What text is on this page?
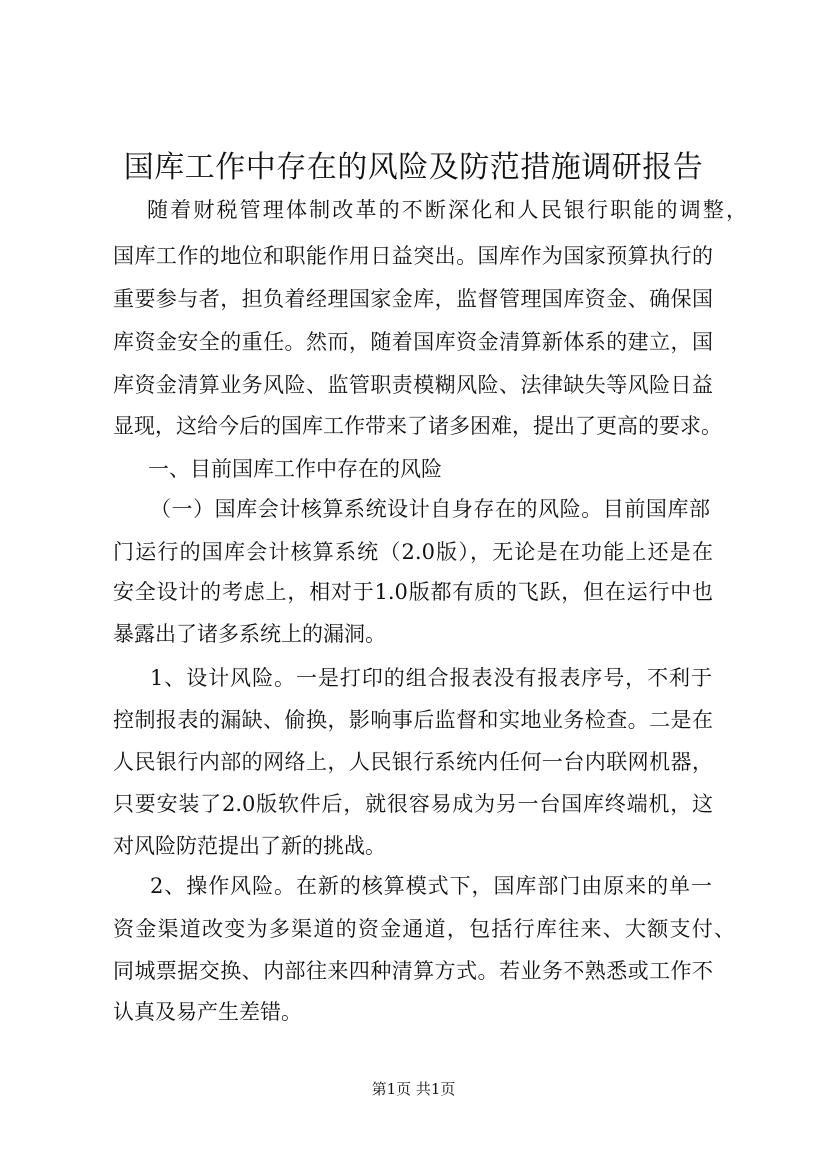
国库工作中存在的风险及防范措施调研报告

随着财税管理体制改革的不断深化和人民银行职能的调整，

国库工作的地位和职能作用日益突出。国库作为国家预算执行的

重要参与者，担负着经理国家金库，监督管理国库资金、确保国

库资金安全的重任。然而，随着国库资金清算新体系的建立，国

库资金清算业务风险、监管职责模糊风险、法律缺失等风险日益

显现，这给今后的国库工作带来了诸多困难，提出了更高的要求。

一、目前国库工作中存在的风险

（一）国库会计核算系统设计自身存在的风险。目前国库部

门运行的国库会计核算系统（2.0版），无论是在功能上还是在

安全设计的考虑上，相对于1.0版都有质的飞跃，但在运行中也

暴露出了诸多系统上的漏洞。

1、设计风险。一是打印的组合报表没有报表序号，不利于

控制报表的漏缺、偷换，影响事后监督和实地业务检查。二是在

人民银行内部的网络上，人民银行系统内任何一台内联网机器，

只要安装了2.0版软件后，就很容易成为另一台国库终端机，这

对风险防范提出了新的挑战。

2、操作风险。在新的核算模式下，国库部门由原来的单一

资金渠道改变为多渠道的资金通道，包括行库往来、大额支付、

同城票据交换、内部往来四种清算方式。若业务不熟悉或工作不

认真及易产生差错。

第1页 共1页
